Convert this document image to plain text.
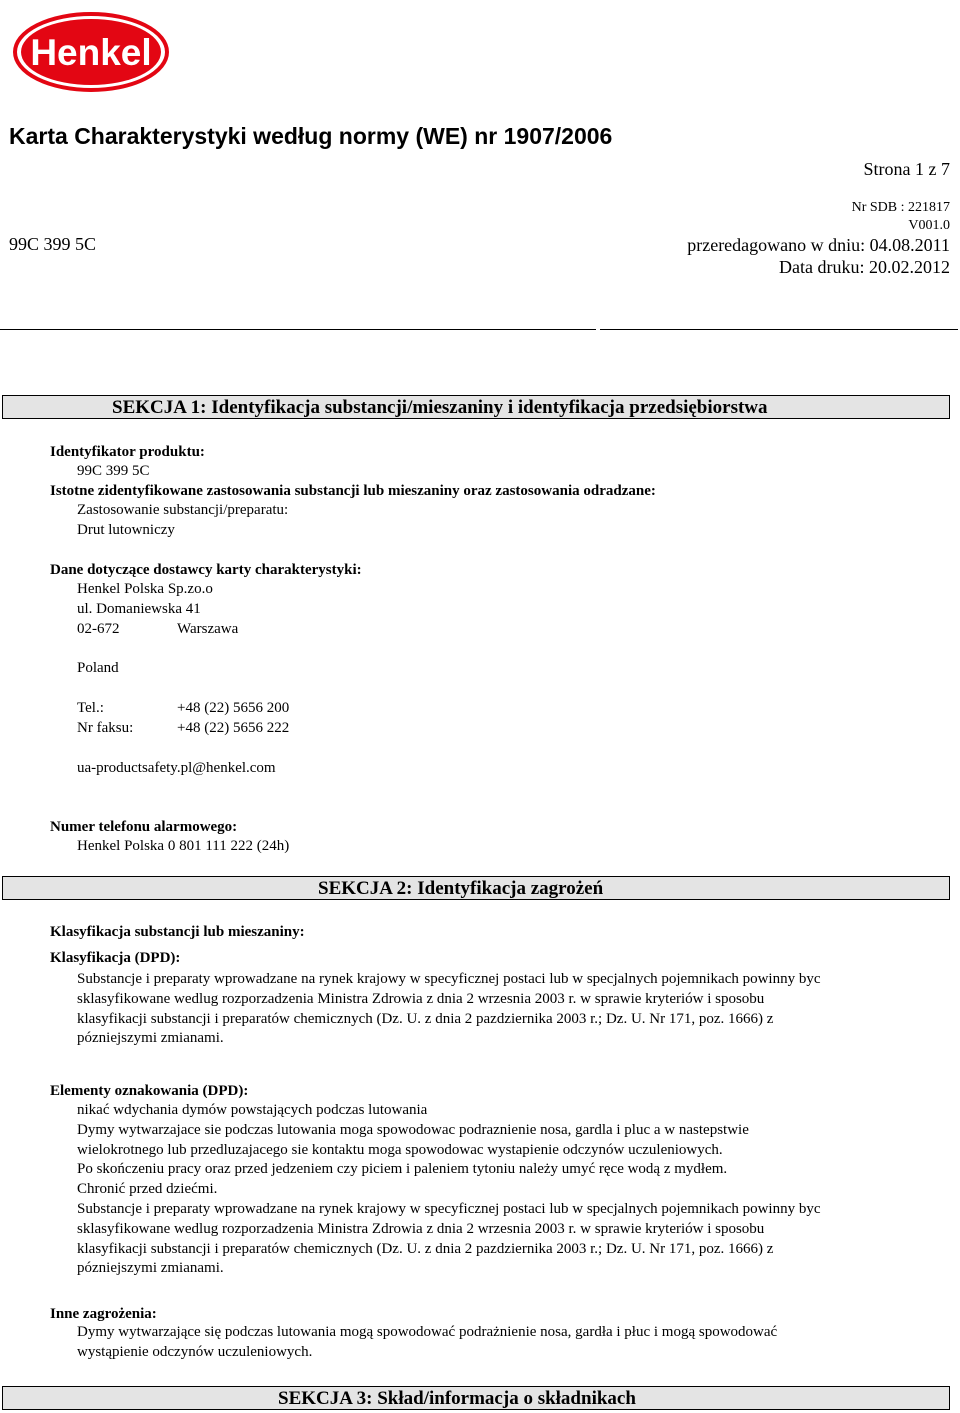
Henkel
Karta Charakterystyki według normy (WE) nr 1907/2006
Strona 1 z 7
Nr SDB : 221817
V001.0
99C 399 5C	przeredagowano w dniu: 04.08.2011
Data druku: 20.02.2012
SEKCJA 1: Identyfikacja substancji/mieszaniny i identyfikacja przedsiębiorstwa
Identyfikator produktu:
99C 399 5C
Istotne zidentyfikowane zastosowania substancji lub mieszaniny oraz zastosowania odradzane:
Zastosowanie substancji/preparatu:
Drut lutowniczy
Dane dotyczące dostawcy karty charakterystyki:
Henkel Polska Sp.zo.o
ul. Domaniewska 41
02-672	Warszawa
Poland
Tel.:	+48 (22) 5656 200
Nr faksu:	+48 (22) 5656 222
ua-productsafety.pl@henkel.com
Numer telefonu alarmowego:
Henkel Polska 0 801 111 222 (24h)
SEKCJA 2: Identyfikacja zagrożeń
Klasyfikacja substancji lub mieszaniny:
Klasyfikacja (DPD):
Substancje i preparaty wprowadzane na rynek krajowy w specyficznej postaci lub w specjalnych pojemnikach powinny byc
sklasyfikowane wedlug rozporzadzenia Ministra Zdrowia z dnia 2 wrzesnia 2003 r. w sprawie kryteriów i sposobu
klasyfikacji substancji i preparatów chemicznych (Dz. U. z dnia 2 pazdziernika 2003 r.; Dz. U. Nr 171, poz. 1666) z
pózniejszymi zmianami.
Elementy oznakowania (DPD):
nikać wdychania dymów powstających podczas lutowania
Dymy wytwarzajace sie podczas lutowania moga spowodowac podraznienie nosa, gardla i pluc a w nastepstwie
wielokrotnego lub przedluzajacego sie kontaktu moga spowodowac wystapienie odczynów uczuleniowych.
Po skończeniu pracy oraz przed jedzeniem czy piciem i paleniem tytoniu należy umyć ręce wodą z mydłem.
Chronić przed dziećmi.
Substancje i preparaty wprowadzane na rynek krajowy w specyficznej postaci lub w specjalnych pojemnikach powinny byc
sklasyfikowane wedlug rozporzadzenia Ministra Zdrowia z dnia 2 wrzesnia 2003 r. w sprawie kryteriów i sposobu
klasyfikacji substancji i preparatów chemicznych (Dz. U. z dnia 2 pazdziernika 2003 r.; Dz. U. Nr 171, poz. 1666) z
pózniejszymi zmianami.
Inne zagrożenia:
Dymy wytwarzające się podczas lutowania mogą spowodować podrażnienie nosa, gardła i płuc i mogą spowodować
wystąpienie odczynów uczuleniowych.
SEKCJA 3: Skład/informacja o składnikach
